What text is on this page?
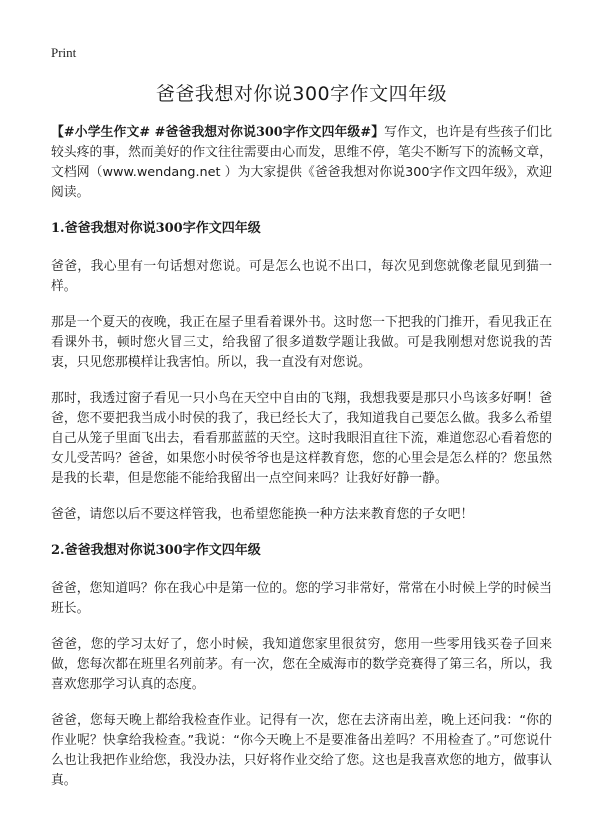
Print
爸爸我想对你说300字作文四年级

【#小学生作文# #爸爸我想对你说300字作文四年级#】写作文，也许是有些孩子们比较头疼的事，然而美好的作文往往需要由心而发，思维不停，笔尖不断写下的流畅文章，文档网（www.wendang.net ）为大家提供《爸爸我想对你说300字作文四年级》，欢迎阅读。

1.爸爸我想对你说300字作文四年级

爸爸，我心里有一句话想对您说。可是怎么也说不出口，每次见到您就像老鼠见到猫一样。

那是一个夏天的夜晚，我正在屋子里看着课外书。这时您一下把我的门推开，看见我正在看课外书，顿时您火冒三丈，给我留了很多道数学题让我做。可是我刚想对您说我的苦衷，只见您那模样让我害怕。所以，我一直没有对您说。

那时，我透过窗子看见一只小鸟在天空中自由的飞翔，我想我要是那只小鸟该多好啊！爸爸，您不要把我当成小时侯的我了，我已经长大了，我知道我自己要怎么做。我多么希望自己从笼子里面飞出去，看看那蓝蓝的天空。这时我眼泪直往下流，难道您忍心看着您的女儿受苦吗？爸爸，如果您小时侯爷爷也是这样教育您，您的心里会是怎么样的？您虽然是我的长辈，但是您能不能给我留出一点空间来吗？让我好好静一静。

爸爸，请您以后不要这样管我，也希望您能换一种方法来教育您的子女吧！

2.爸爸我想对你说300字作文四年级

爸爸，您知道吗？你在我心中是第一位的。您的学习非常好，常常在小时候上学的时候当班长。

爸爸，您的学习太好了，您小时候，我知道您家里很贫穷，您用一些零用钱买卷子回来做，您每次都在班里名列前茅。有一次，您在全威海市的数学竞赛得了第三名，所以，我喜欢您那学习认真的态度。

爸爸，您每天晚上都给我检查作业。记得有一次，您在去济南出差，晚上还问我：“你的作业呢？快拿给我检查。”我说：“你今天晚上不是要准备出差吗？不用检查了。”可您说什么也让我把作业给您，我没办法，只好将作业交给了您。这也是我喜欢您的地方，做事认真。
